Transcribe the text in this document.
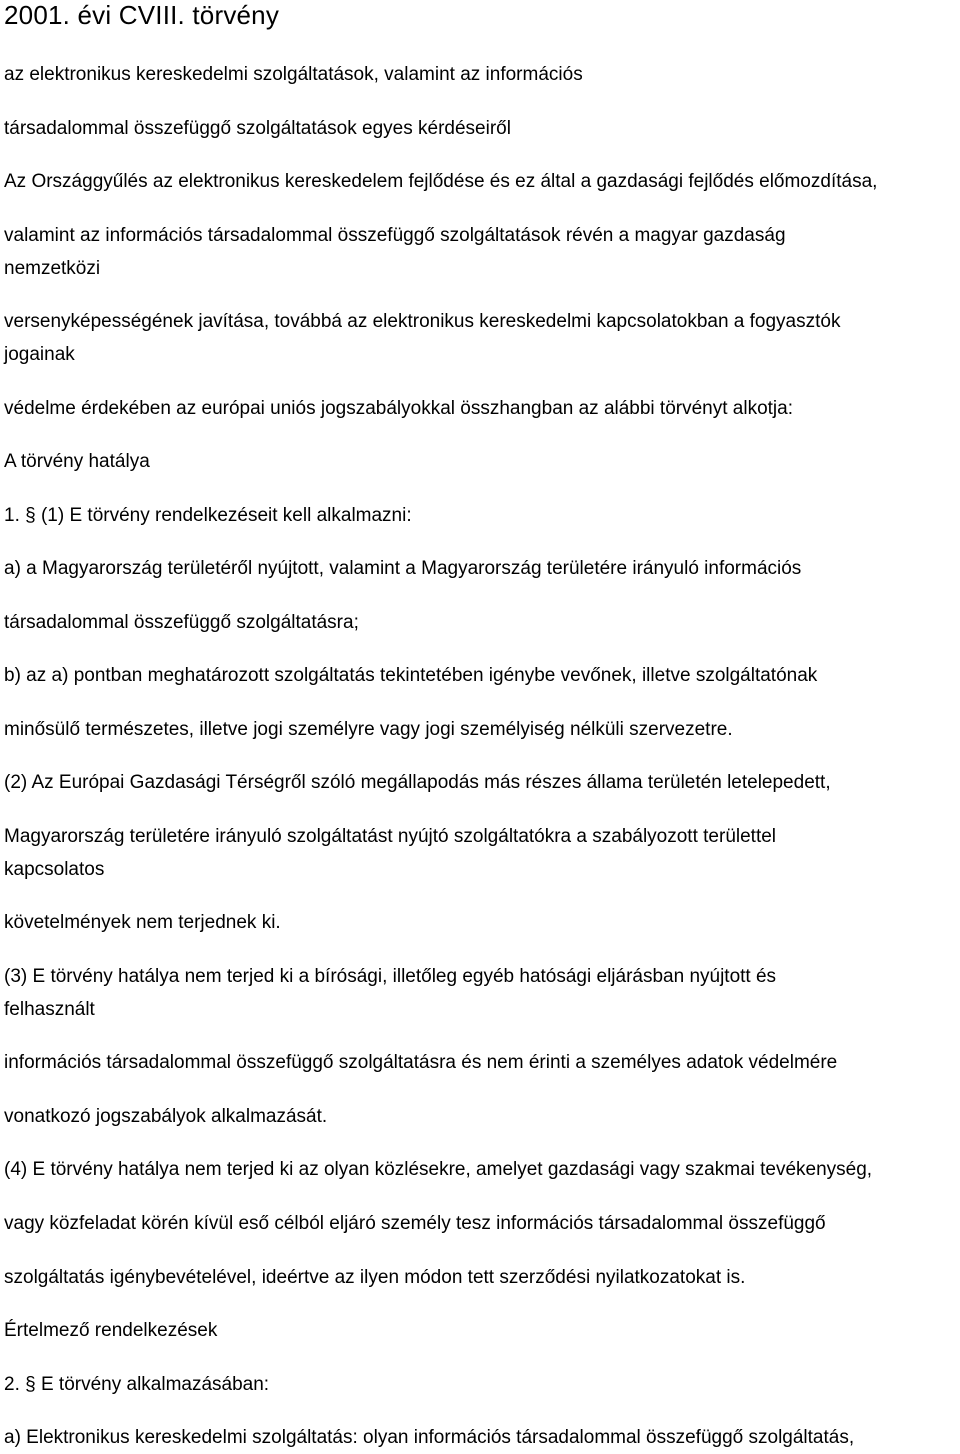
2001. évi CVIII. törvény
az elektronikus kereskedelmi szolgáltatások, valamint az információs
társadalommal összefüggő szolgáltatások egyes kérdéseiről
Az Országgyűlés az elektronikus kereskedelem fejlődése és ez által a gazdasági fejlődés előmozdítása,
valamint az információs társadalommal összefüggő szolgáltatások révén a magyar gazdaság
nemzetközi
versenyképességének javítása, továbbá az elektronikus kereskedelmi kapcsolatokban a fogyasztók
jogainak
védelme érdekében az európai uniós jogszabályokkal összhangban az alábbi törvényt alkotja:
A törvény hatálya
1. § (1) E törvény rendelkezéseit kell alkalmazni:
a) a Magyarország területéről nyújtott, valamint a Magyarország területére irányuló információs
társadalommal összefüggő szolgáltatásra;
b) az a) pontban meghatározott szolgáltatás tekintetében igénybe vevőnek, illetve szolgáltatónak
minősülő természetes, illetve jogi személyre vagy jogi személyiség nélküli szervezetre.
(2) Az Európai Gazdasági Térségről szóló megállapodás más részes állama területén letelepedett,
Magyarország területére irányuló szolgáltatást nyújtó szolgáltatókra a szabályozott területtel
kapcsolatos
követelmények nem terjednek ki.
(3) E törvény hatálya nem terjed ki a bírósági, illetőleg egyéb hatósági eljárásban nyújtott és
felhasznált
információs társadalommal összefüggő szolgáltatásra és nem érinti a személyes adatok védelmére
vonatkozó jogszabályok alkalmazását.
(4) E törvény hatálya nem terjed ki az olyan közlésekre, amelyet gazdasági vagy szakmai tevékenység,
vagy közfeladat körén kívül eső célból eljáró személy tesz információs társadalommal összefüggő
szolgáltatás igénybevételével, ideértve az ilyen módon tett szerződési nyilatkozatokat is.
Értelmező rendelkezések
2. § E törvény alkalmazásában:
a) Elektronikus kereskedelmi szolgáltatás: olyan információs társadalommal összefüggő szolgáltatás,
